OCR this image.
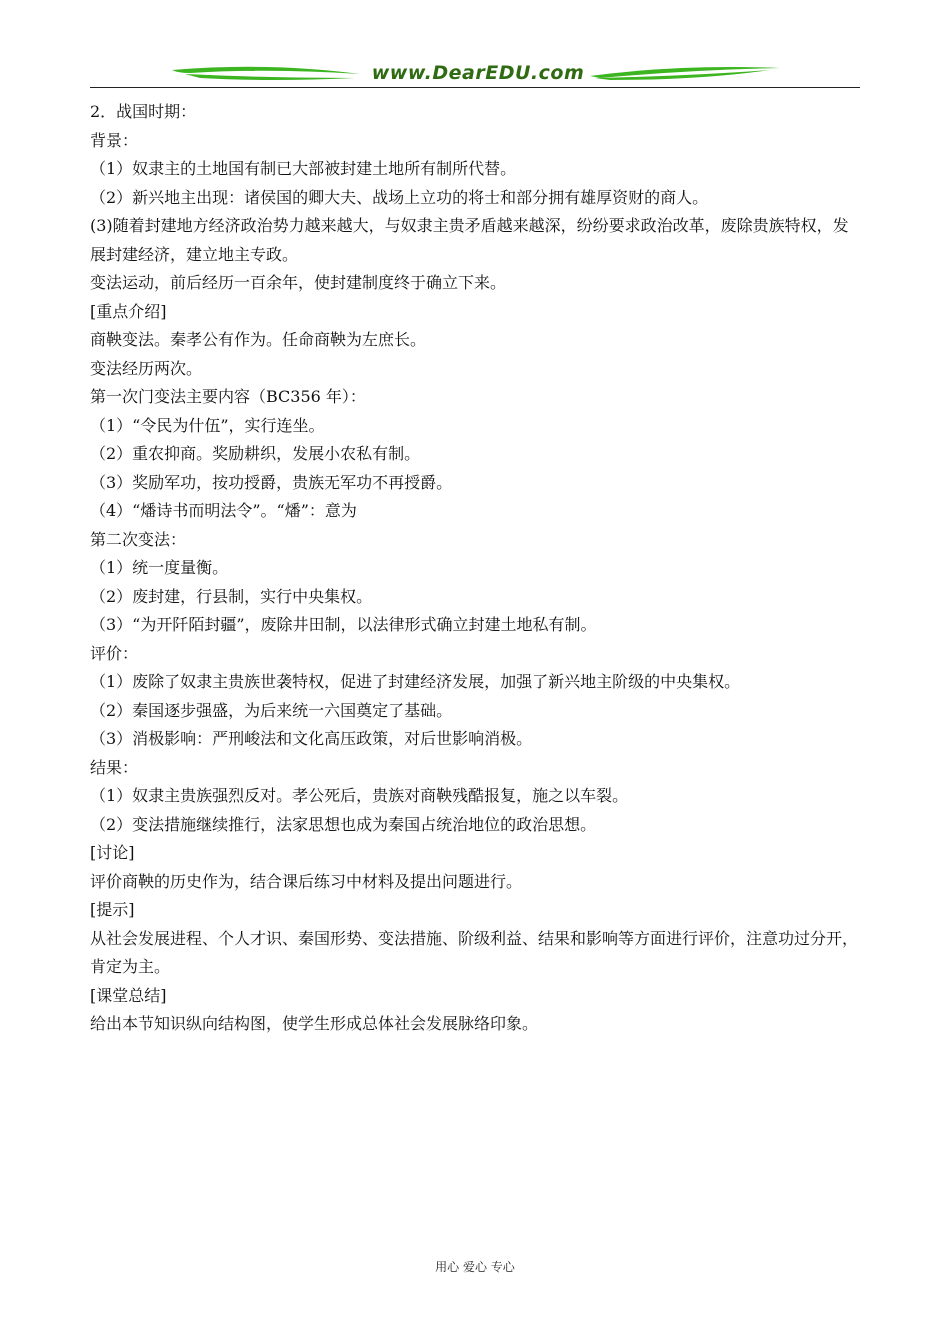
www.DearEDU.com
2．战国时期：
背景：
（1）奴隶主的土地国有制已大部被封建土地所有制所代替。
（2）新兴地主出现：诸侯国的卿大夫、战场上立功的将士和部分拥有雄厚资财的商人。
(3)随着封建地方经济政治势力越来越大，与奴隶主贵矛盾越来越深，纷纷要求政治改革，废除贵族特权，发展封建经济，建立地主专政。
变法运动，前后经历一百余年，使封建制度终于确立下来。
[重点介绍]
商鞅变法。秦孝公有作为。任命商鞅为左庶长。
变法经历两次。
第一次门变法主要内容（BC356 年）：
（1）“令民为什伍”，实行连坐。
（2）重农抑商。奖励耕织，发展小农私有制。
（3）奖励军功，按功授爵，贵族无军功不再授爵。
（4）“燔诗书而明法令”。“燔”：意为
第二次变法：
（1）统一度量衡。
（2）废封建，行县制，实行中央集权。
（3）“为开阡陌封疆”，废除井田制，以法律形式确立封建土地私有制。
评价：
（1）废除了奴隶主贵族世袭特权，促进了封建经济发展，加强了新兴地主阶级的中央集权。
（2）秦国逐步强盛，为后来统一六国奠定了基础。
（3）消极影响：严刑峻法和文化高压政策，对后世影响消极。
结果：
（1）奴隶主贵族强烈反对。孝公死后，贵族对商鞅残酷报复，施之以车裂。
（2）变法措施继续推行，法家思想也成为秦国占统治地位的政治思想。
[讨论]
评价商鞅的历史作为，结合课后练习中材料及提出问题进行。
[提示]
从社会发展进程、个人才识、秦国形势、变法措施、阶级利益、结果和影响等方面进行评价，注意功过分开，肯定为主。
[课堂总结]
给出本节知识纵向结构图，使学生形成总体社会发展脉络印象。
用心 爱心 专心
